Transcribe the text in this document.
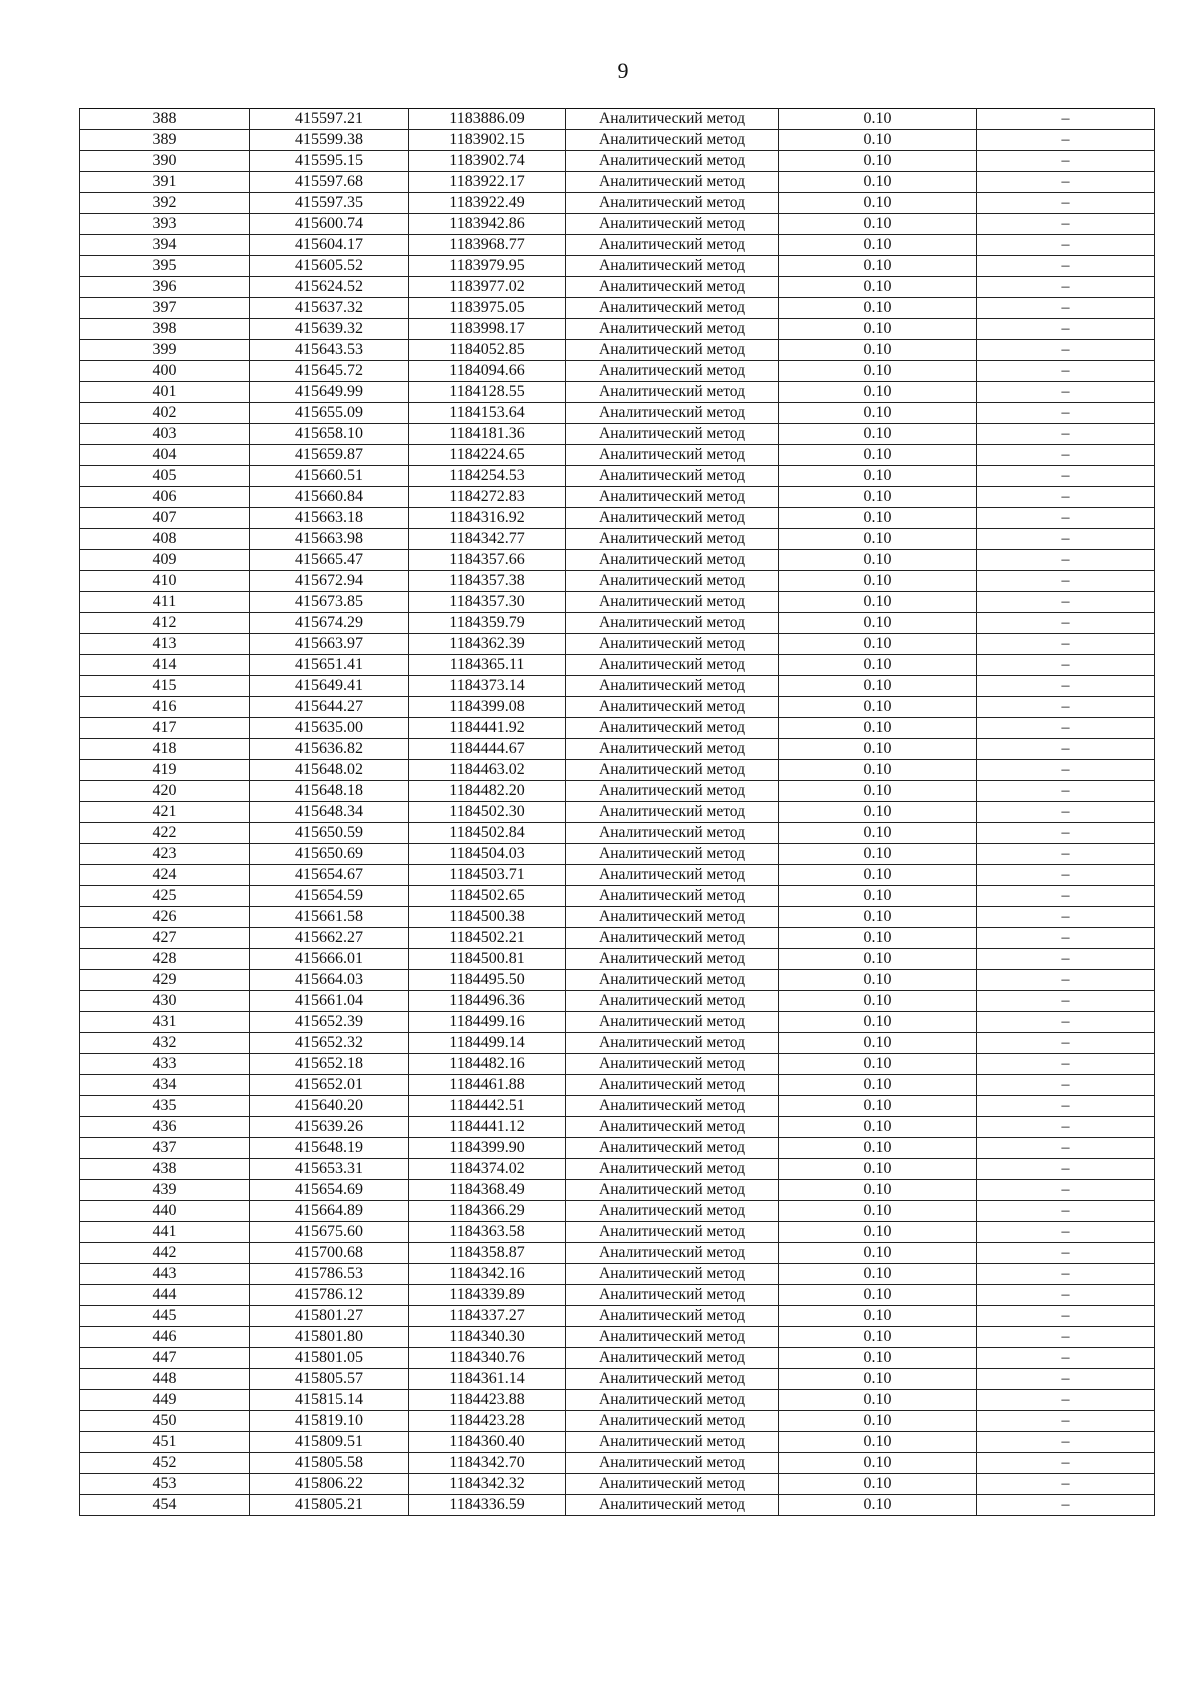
9
388	415597.21	1183886.09	Аналитический метод	0.10	–
389	415599.38	1183902.15	Аналитический метод	0.10	–
390	415595.15	1183902.74	Аналитический метод	0.10	–
391	415597.68	1183922.17	Аналитический метод	0.10	–
392	415597.35	1183922.49	Аналитический метод	0.10	–
393	415600.74	1183942.86	Аналитический метод	0.10	–
394	415604.17	1183968.77	Аналитический метод	0.10	–
395	415605.52	1183979.95	Аналитический метод	0.10	–
396	415624.52	1183977.02	Аналитический метод	0.10	–
397	415637.32	1183975.05	Аналитический метод	0.10	–
398	415639.32	1183998.17	Аналитический метод	0.10	–
399	415643.53	1184052.85	Аналитический метод	0.10	–
400	415645.72	1184094.66	Аналитический метод	0.10	–
401	415649.99	1184128.55	Аналитический метод	0.10	–
402	415655.09	1184153.64	Аналитический метод	0.10	–
403	415658.10	1184181.36	Аналитический метод	0.10	–
404	415659.87	1184224.65	Аналитический метод	0.10	–
405	415660.51	1184254.53	Аналитический метод	0.10	–
406	415660.84	1184272.83	Аналитический метод	0.10	–
407	415663.18	1184316.92	Аналитический метод	0.10	–
408	415663.98	1184342.77	Аналитический метод	0.10	–
409	415665.47	1184357.66	Аналитический метод	0.10	–
410	415672.94	1184357.38	Аналитический метод	0.10	–
411	415673.85	1184357.30	Аналитический метод	0.10	–
412	415674.29	1184359.79	Аналитический метод	0.10	–
413	415663.97	1184362.39	Аналитический метод	0.10	–
414	415651.41	1184365.11	Аналитический метод	0.10	–
415	415649.41	1184373.14	Аналитический метод	0.10	–
416	415644.27	1184399.08	Аналитический метод	0.10	–
417	415635.00	1184441.92	Аналитический метод	0.10	–
418	415636.82	1184444.67	Аналитический метод	0.10	–
419	415648.02	1184463.02	Аналитический метод	0.10	–
420	415648.18	1184482.20	Аналитический метод	0.10	–
421	415648.34	1184502.30	Аналитический метод	0.10	–
422	415650.59	1184502.84	Аналитический метод	0.10	–
423	415650.69	1184504.03	Аналитический метод	0.10	–
424	415654.67	1184503.71	Аналитический метод	0.10	–
425	415654.59	1184502.65	Аналитический метод	0.10	–
426	415661.58	1184500.38	Аналитический метод	0.10	–
427	415662.27	1184502.21	Аналитический метод	0.10	–
428	415666.01	1184500.81	Аналитический метод	0.10	–
429	415664.03	1184495.50	Аналитический метод	0.10	–
430	415661.04	1184496.36	Аналитический метод	0.10	–
431	415652.39	1184499.16	Аналитический метод	0.10	–
432	415652.32	1184499.14	Аналитический метод	0.10	–
433	415652.18	1184482.16	Аналитический метод	0.10	–
434	415652.01	1184461.88	Аналитический метод	0.10	–
435	415640.20	1184442.51	Аналитический метод	0.10	–
436	415639.26	1184441.12	Аналитический метод	0.10	–
437	415648.19	1184399.90	Аналитический метод	0.10	–
438	415653.31	1184374.02	Аналитический метод	0.10	–
439	415654.69	1184368.49	Аналитический метод	0.10	–
440	415664.89	1184366.29	Аналитический метод	0.10	–
441	415675.60	1184363.58	Аналитический метод	0.10	–
442	415700.68	1184358.87	Аналитический метод	0.10	–
443	415786.53	1184342.16	Аналитический метод	0.10	–
444	415786.12	1184339.89	Аналитический метод	0.10	–
445	415801.27	1184337.27	Аналитический метод	0.10	–
446	415801.80	1184340.30	Аналитический метод	0.10	–
447	415801.05	1184340.76	Аналитический метод	0.10	–
448	415805.57	1184361.14	Аналитический метод	0.10	–
449	415815.14	1184423.88	Аналитический метод	0.10	–
450	415819.10	1184423.28	Аналитический метод	0.10	–
451	415809.51	1184360.40	Аналитический метод	0.10	–
452	415805.58	1184342.70	Аналитический метод	0.10	–
453	415806.22	1184342.32	Аналитический метод	0.10	–
454	415805.21	1184336.59	Аналитический метод	0.10	–
